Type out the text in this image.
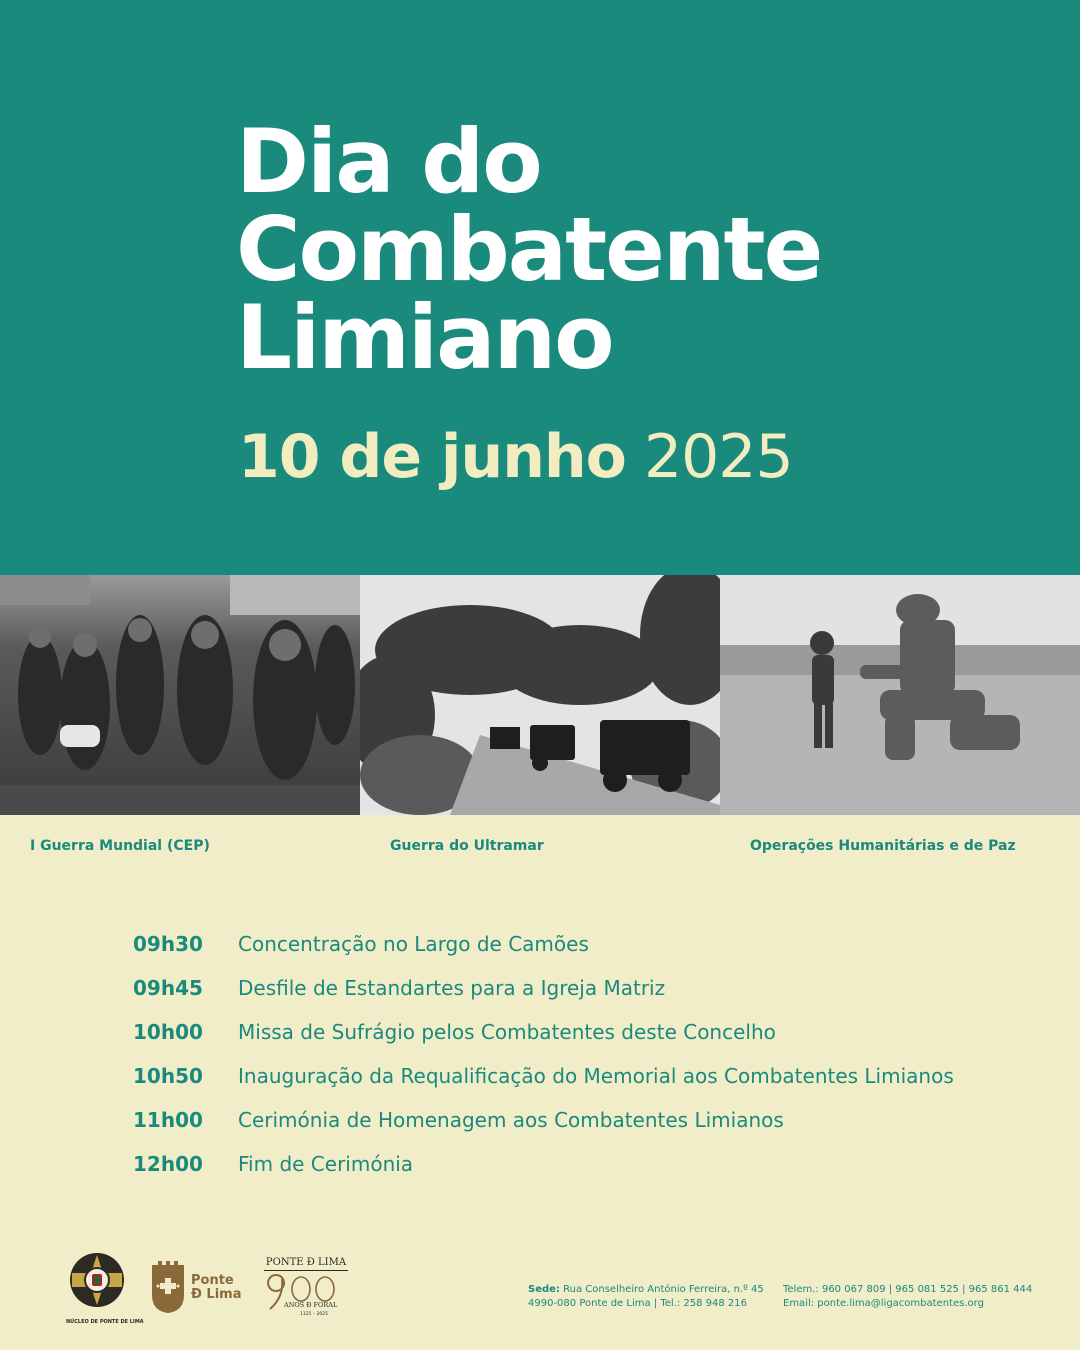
Dia do
Combatente
Limiano
10 de junho 2025
I Guerra Mundial (CEP)	Guerra do Ultramar	Operações Humanitárias e de Paz
09h30	Concentração no Largo de Camões
09h45	Desfile de Estandartes para a Igreja Matriz
10h00	Missa de Sufrágio pelos Combatentes deste Concelho
10h50	Inauguração da Requalificação do Memorial aos Combatentes Limianos
11h00	Cerimónia de Homenagem aos Combatentes Limianos
12h00	Fim de Cerimónia
NÚCLEO DE PONTE DE LIMA
Ponte
Ð Lima
PONTE Ð LIMA
ANOS Ð FORAL
1125 – 2025
Sede: Rua Conselheiro António Ferreira, n.º 45
4990-080 Ponte de Lima | Tel.: 258 948 216
Telem.: 960 067 809 | 965 081 525 | 965 861 444
Email: ponte.lima@ligacombatentes.org
